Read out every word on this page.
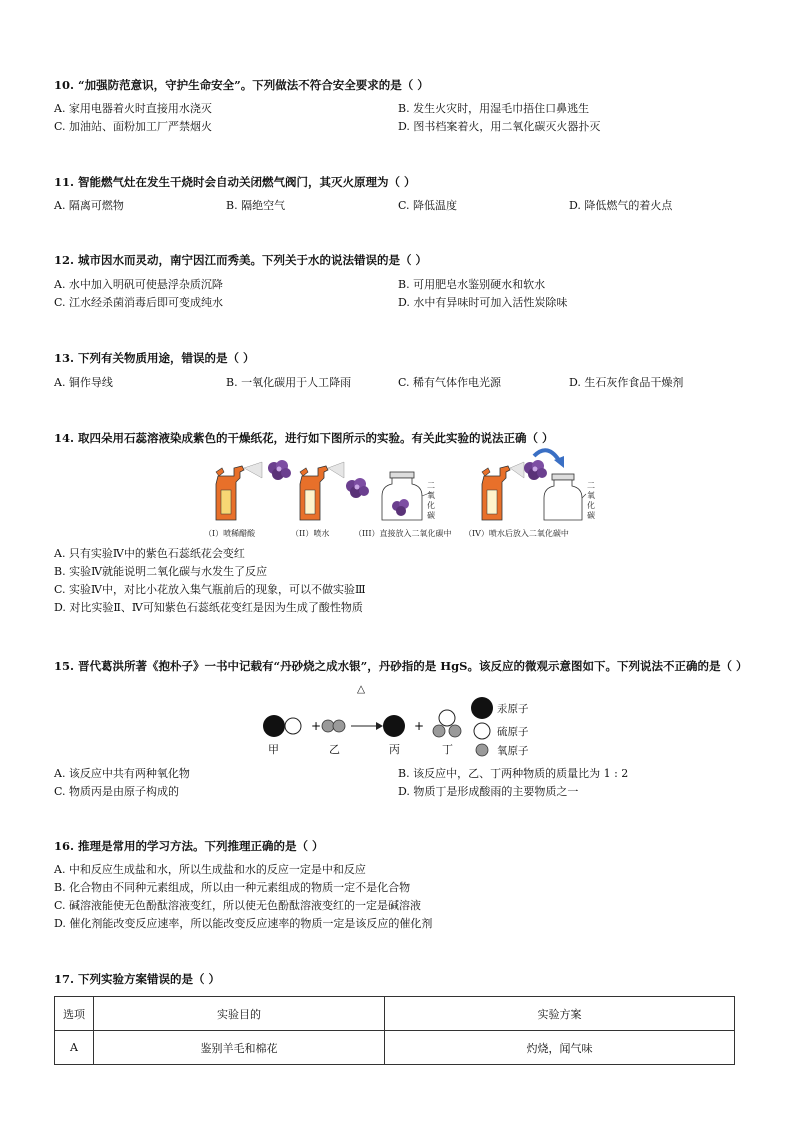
10. “加强防范意识，守护生命安全”。下列做法不符合安全要求的是（ ）
A. 家用电器着火时直接用水浇灭	B. 发生火灾时，用湿毛巾捂住口鼻逃生
C. 加油站、面粉加工厂严禁烟火	D. 图书档案着火，用二氧化碳灭火器扑灭
11. 智能燃气灶在发生干烧时会自动关闭燃气阀门，其灭火原理为（ ）
A. 隔离可燃物	B. 隔绝空气	C. 降低温度	D. 降低燃气的着火点
12. 城市因水而灵动，南宁因江而秀美。下列关于水的说法错误的是（ ）
A. 水中加入明矾可使悬浮杂质沉降	B. 可用肥皂水鉴别硬水和软水
C. 江水经杀菌消毒后即可变成纯水	D. 水中有异味时可加入活性炭除味
13. 下列有关物质用途，错误的是（ ）
A. 铜作导线	B. 一氧化碳用于人工降雨	C. 稀有气体作电光源	D. 生石灰作食品干燥剂
14. 取四朵用石蕊溶液染成紫色的干燥纸花，进行如下图所示的实验。有关此实验的说法正确（ ）
二
氧
化
碳
二
氧
化
碳
（I）喷稀醋酸	（II）喷水	（III）直接放入二氧化碳中 （IV）喷水后放入二氧化碳中
A. 只有实验Ⅳ中的紫色石蕊纸花会变红
B. 实验Ⅳ就能说明二氧化碳与水发生了反应
C. 实验Ⅳ中，对比小花放入集气瓶前后的现象，可以不做实验Ⅲ
D. 对比实验Ⅱ、Ⅳ可知紫色石蕊纸花变红是因为生成了酸性物质
15. 晋代葛洪所著《抱朴子》一书中记载有“丹砂烧之成水银”，丹砂指的是 HgS。该反应的微观示意图如下。下列说法不正确的是（ ）
+	+
△
甲	乙	丙	丁
汞原子
硫原子
氧原子
A. 该反应中共有两种氧化物	B. 该反应中，乙、丁两种物质的质量比为 1 : 2
C. 物质丙是由原子构成的	D. 物质丁是形成酸雨的主要物质之一
16. 推理是常用的学习方法。下列推理正确的是（ ）
A. 中和反应生成盐和水，所以生成盐和水的反应一定是中和反应
B. 化合物由不同种元素组成，所以由一种元素组成的物质一定不是化合物
C. 碱溶液能使无色酚酞溶液变红，所以使无色酚酞溶液变红的一定是碱溶液
D. 催化剂能改变反应速率，所以能改变反应速率的物质一定是该反应的催化剂
17. 下列实验方案错误的是（ ）
选项	实验目的	实验方案
A	鉴别羊毛和棉花	灼烧，闻气味
